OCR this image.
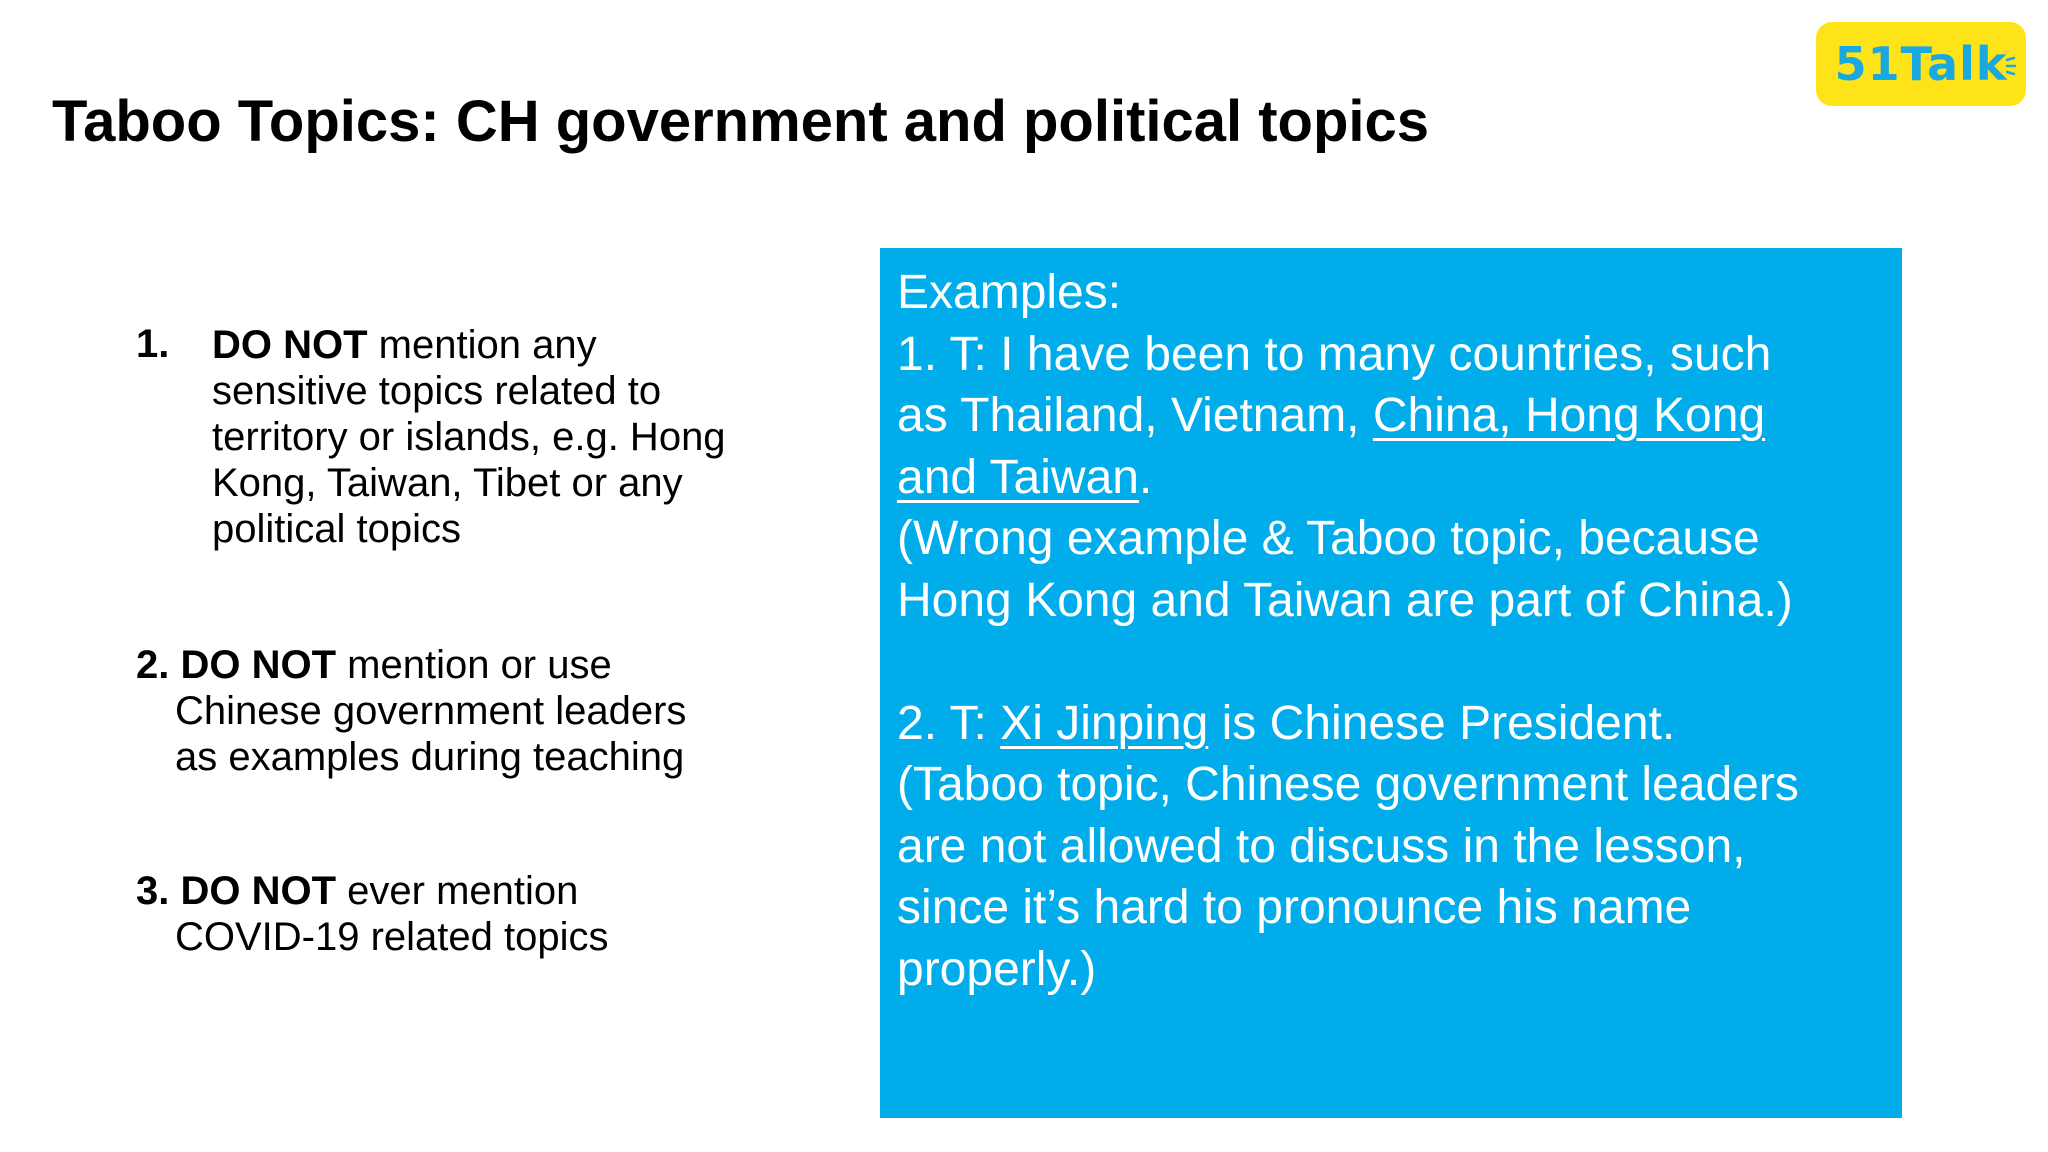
Taboo Topics: CH government and political topics
51Talk
1. DO NOT mention any
sensitive topics related to
territory or islands, e.g. Hong
Kong, Taiwan, Tibet or any
political topics
2. DO NOT mention or use
Chinese government leaders
as examples during teaching
3. DO NOT ever mention
COVID-19 related topics
Examples:
1. T: I have been to many countries, such
as Thailand, Vietnam, China, Hong Kong
and Taiwan.
(Wrong example & Taboo topic, because
Hong Kong and Taiwan are part of China.)
2. T: Xi Jinping is Chinese President.
(Taboo topic, Chinese government leaders
are not allowed to discuss in the lesson,
since it’s hard to pronounce his name
properly.)
